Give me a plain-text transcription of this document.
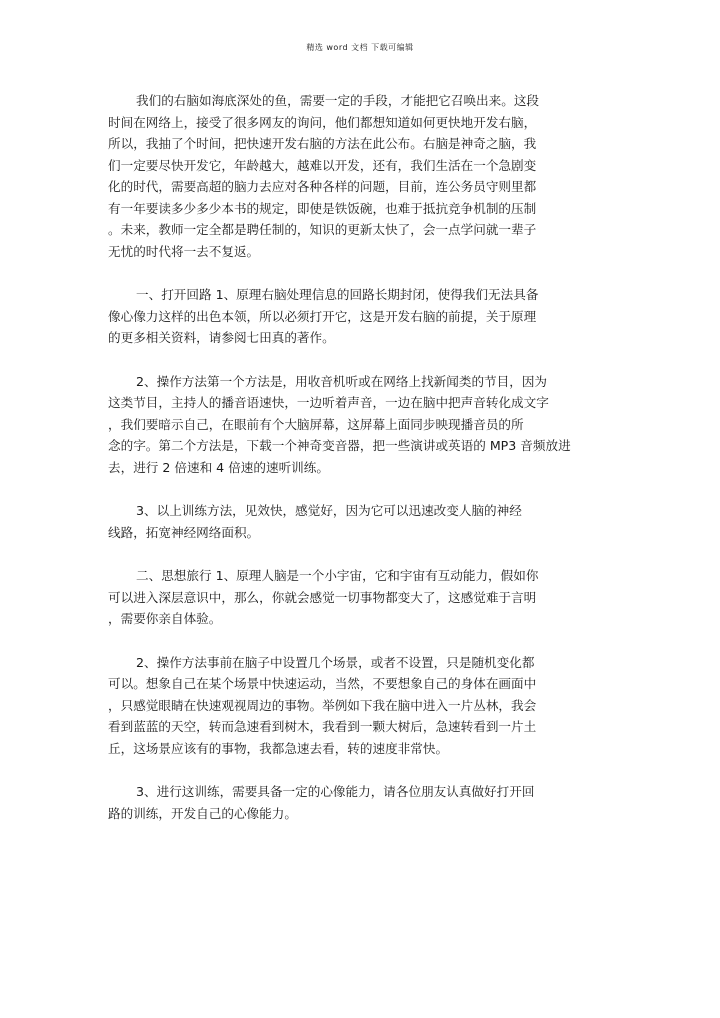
精选 word 文档 下载可编辑

我们的右脑如海底深处的鱼，需要一定的手段，才能把它召唤出来。这段
时间在网络上，接受了很多网友的询问，他们都想知道如何更快地开发右脑，
所以，我抽了个时间，把快速开发右脑的方法在此公布。右脑是神奇之脑，我
们一定要尽快开发它，年龄越大，越难以开发，还有，我们生活在一个急剧变
化的时代，需要高超的脑力去应对各种各样的问题，目前，连公务员守则里都
有一年要读多少多少本书的规定，即使是铁饭碗，也难于抵抗竞争机制的压制
。未来，教师一定全都是聘任制的，知识的更新太快了，会一点学问就一辈子
无忧的时代将一去不复返。

一、打开回路 1、原理右脑处理信息的回路长期封闭，使得我们无法具备
像心像力这样的出色本领，所以必须打开它，这是开发右脑的前提，关于原理
的更多相关资料，请参阅七田真的著作。

2、操作方法第一个方法是，用收音机听或在网络上找新闻类的节目，因为
这类节目，主持人的播音语速快，一边听着声音，一边在脑中把声音转化成文字
，我们要暗示自己，在眼前有个大脑屏幕，这屏幕上面同步映现播音员的所
念的字。第二个方法是，下载一个神奇变音器，把一些演讲或英语的 MP3 音频放进
去，进行 2 倍速和 4 倍速的速听训练。

3、以上训练方法，见效快，感觉好，因为它可以迅速改变人脑的神经
线路，拓宽神经网络面积。

二、思想旅行 1、原理人脑是一个小宇宙，它和宇宙有互动能力，假如你
可以进入深层意识中，那么，你就会感觉一切事物都变大了，这感觉难于言明
，需要你亲自体验。

2、操作方法事前在脑子中设置几个场景，或者不设置，只是随机变化都
可以。想象自己在某个场景中快速运动，当然，不要想象自己的身体在画面中
，只感觉眼睛在快速观视周边的事物。举例如下我在脑中进入一片丛林，我会
看到蓝蓝的天空，转而急速看到树木，我看到一颗大树后，急速转看到一片土
丘，这场景应该有的事物，我都急速去看，转的速度非常快。

3、进行这训练，需要具备一定的心像能力，请各位朋友认真做好打开回
路的训练，开发自己的心像能力。
